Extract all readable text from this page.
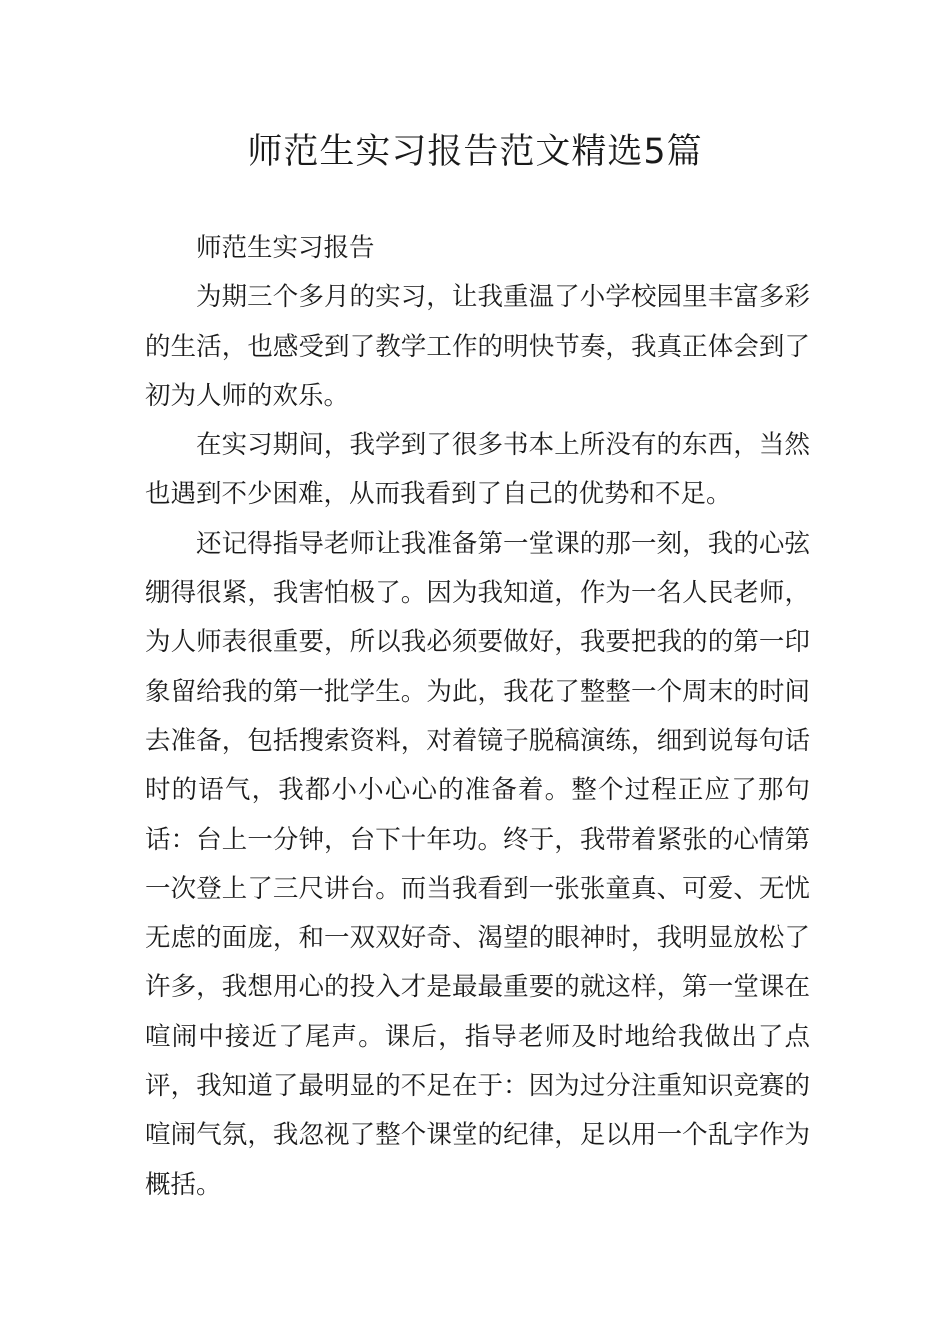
师范生实习报告范文精选5篇

师范生实习报告

为期三个多月的实习，让我重温了小学校园里丰富多彩的生活，也感受到了教学工作的明快节奏，我真正体会到了初为人师的欢乐。

在实习期间，我学到了很多书本上所没有的东西，当然也遇到不少困难，从而我看到了自己的优势和不足。

还记得指导老师让我准备第一堂课的那一刻，我的心弦绷得很紧，我害怕极了。因为我知道，作为一名人民老师，为人师表很重要，所以我必须要做好，我要把我的的第一印象留给我的第一批学生。为此，我花了整整一个周末的时间去准备，包括搜索资料，对着镜子脱稿演练，细到说每句话时的语气，我都小小心心的准备着。整个过程正应了那句话：台上一分钟，台下十年功。终于，我带着紧张的心情第一次登上了三尺讲台。而当我看到一张张童真、可爱、无忧无虑的面庞，和一双双好奇、渴望的眼神时，我明显放松了许多，我想用心的投入才是最最重要的就这样，第一堂课在喧闹中接近了尾声。课后，指导老师及时地给我做出了点评，我知道了最明显的不足在于：因为过分注重知识竞赛的喧闹气氛，我忽视了整个课堂的纪律，足以用一个乱字作为概括。
